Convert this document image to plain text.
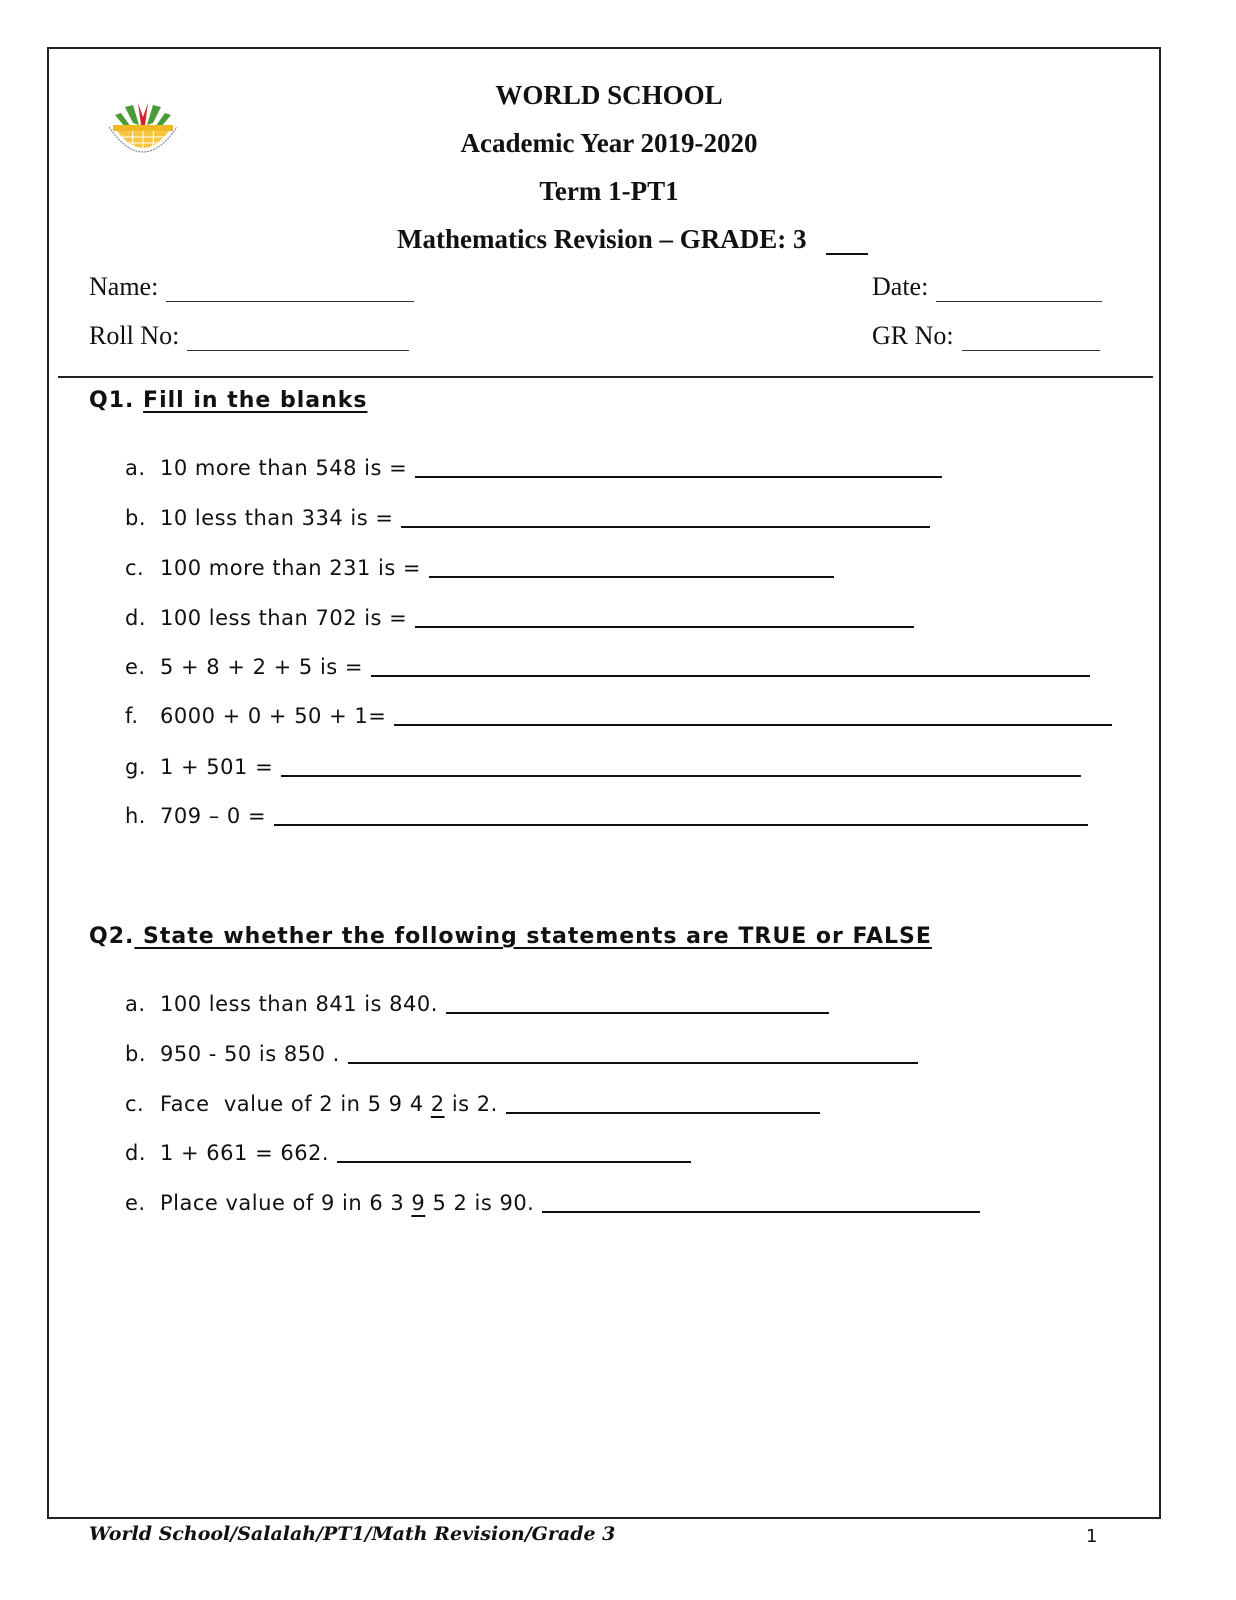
WORLD SCHOOL
Academic Year 2019-2020
Term 1-PT1
Mathematics Revision – GRADE: 3
Name:	Date:
Roll No:	GR No:
Q1. Fill in the blanks
a. 10 more than 548 is =
b. 10 less than 334 is =
c. 100 more than 231 is =
d. 100 less than 702 is =
e. 5 + 8 + 2 + 5 is =
f.	6000 + 0 + 50 + 1=
g. 1 + 501 =
h. 709 – 0 =
Q2. State whether the following statements are TRUE or FALSE
a. 100 less than 841 is 840.
b. 950 - 50 is 850 .
c. Face  value of 2 in 5 9 4 2 is 2.
d. 1 + 661 = 662.
e. Place value of 9 in 6 3 9 5 2 is 90.
World School/Salalah/PT1/Math Revision/Grade 3	1
